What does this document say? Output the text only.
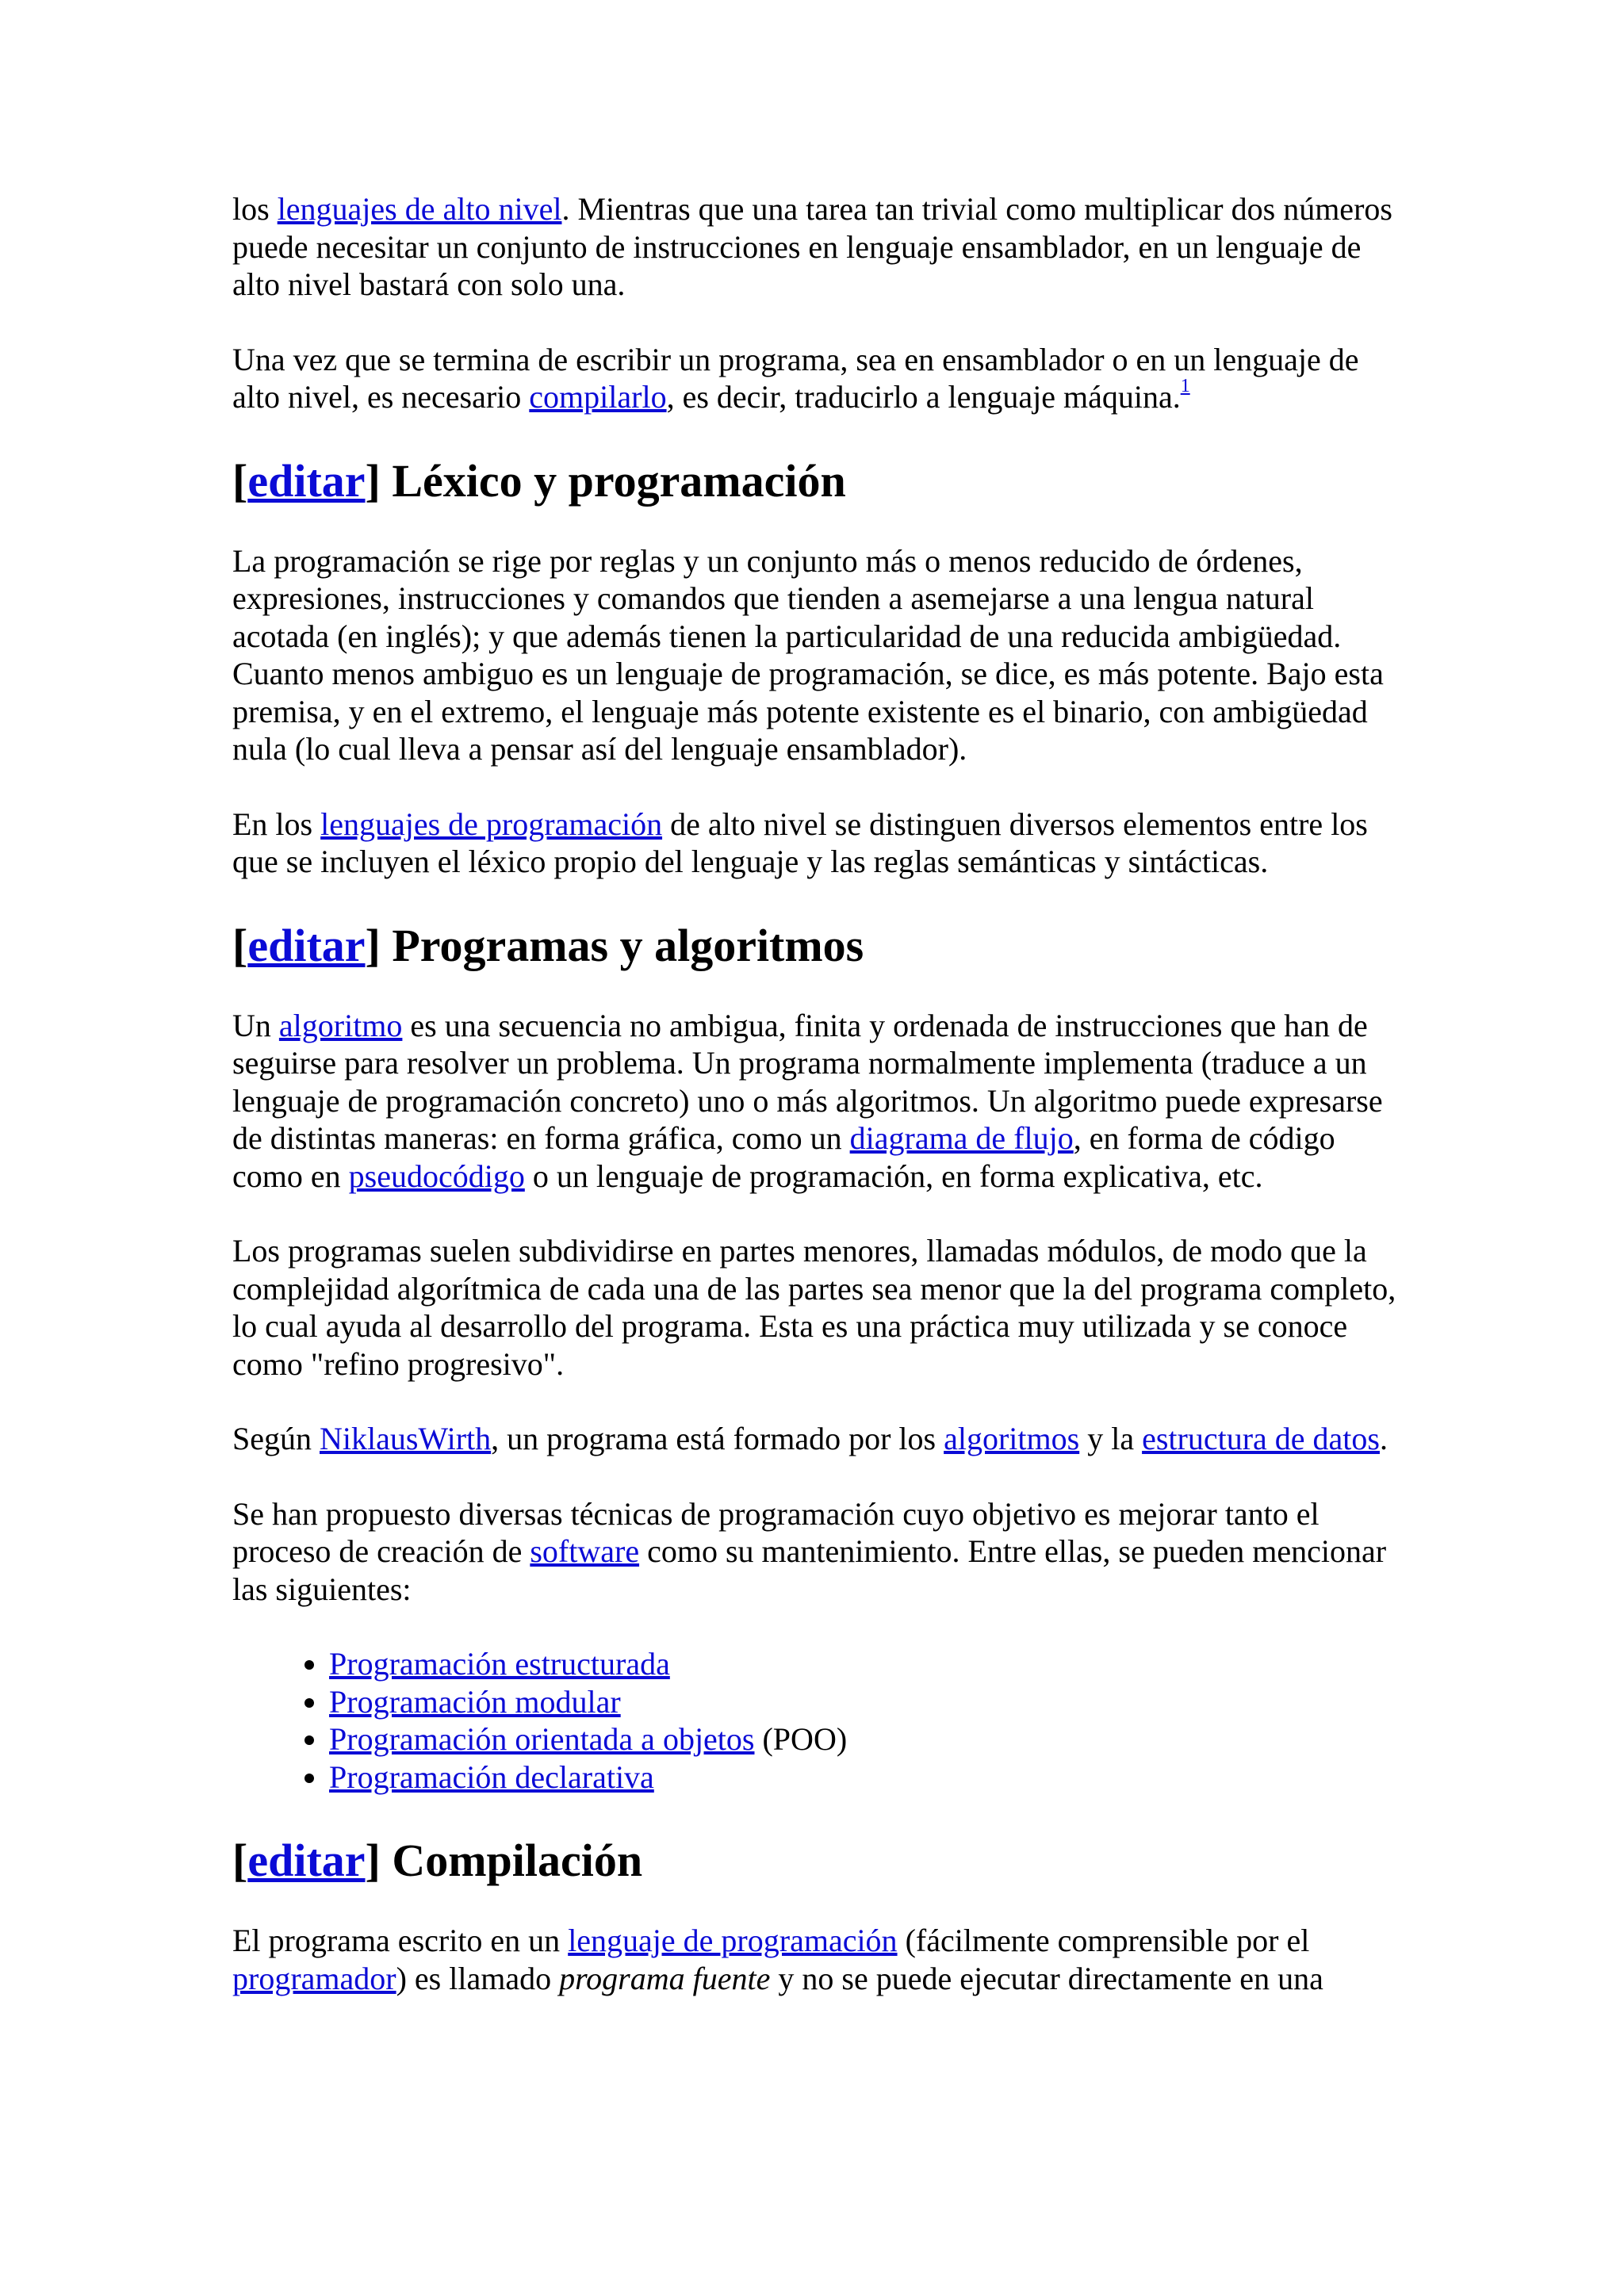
los lenguajes de alto nivel. Mientras que una tarea tan trivial como multiplicar dos números puede necesitar un conjunto de instrucciones en lenguaje ensamblador, en un lenguaje de alto nivel bastará con solo una.

Una vez que se termina de escribir un programa, sea en ensamblador o en un lenguaje de alto nivel, es necesario compilarlo, es decir, traducirlo a lenguaje máquina.$^1$

[editar] Léxico y programación

La programación se rige por reglas y un conjunto más o menos reducido de órdenes, expresiones, instrucciones y comandos que tienden a asemejarse a una lengua natural acotada (en inglés); y que además tienen la particularidad de una reducida ambigüedad. Cuanto menos ambiguo es un lenguaje de programación, se dice, es más potente. Bajo esta premisa, y en el extremo, el lenguaje más potente existente es el binario, con ambigüedad nula (lo cual lleva a pensar así del lenguaje ensamblador).

En los lenguajes de programación de alto nivel se distinguen diversos elementos entre los que se incluyen el léxico propio del lenguaje y las reglas semánticas y sintácticas.

[editar] Programas y algoritmos

Un algoritmo es una secuencia no ambigua, finita y ordenada de instrucciones que han de seguirse para resolver un problema. Un programa normalmente implementa (traduce a un lenguaje de programación concreto) uno o más algoritmos. Un algoritmo puede expresarse de distintas maneras: en forma gráfica, como un diagrama de flujo, en forma de código como en pseudocódigo o un lenguaje de programación, en forma explicativa, etc.

Los programas suelen subdividirse en partes menores, llamadas módulos, de modo que la complejidad algorítmica de cada una de las partes sea menor que la del programa completo, lo cual ayuda al desarrollo del programa. Esta es una práctica muy utilizada y se conoce como "refino progresivo".

Según NiklausWirth, un programa está formado por los algoritmos y la estructura de datos.

Se han propuesto diversas técnicas de programación cuyo objetivo es mejorar tanto el proceso de creación de software como su mantenimiento. Entre ellas, se pueden mencionar las siguientes:

• Programación estructurada
• Programación modular
• Programación orientada a objetos (POO)
• Programación declarativa
[editar] Compilación

El programa escrito en un lenguaje de programación (fácilmente comprensible por el programador) es llamado programa fuente y no se puede ejecutar directamente en una
